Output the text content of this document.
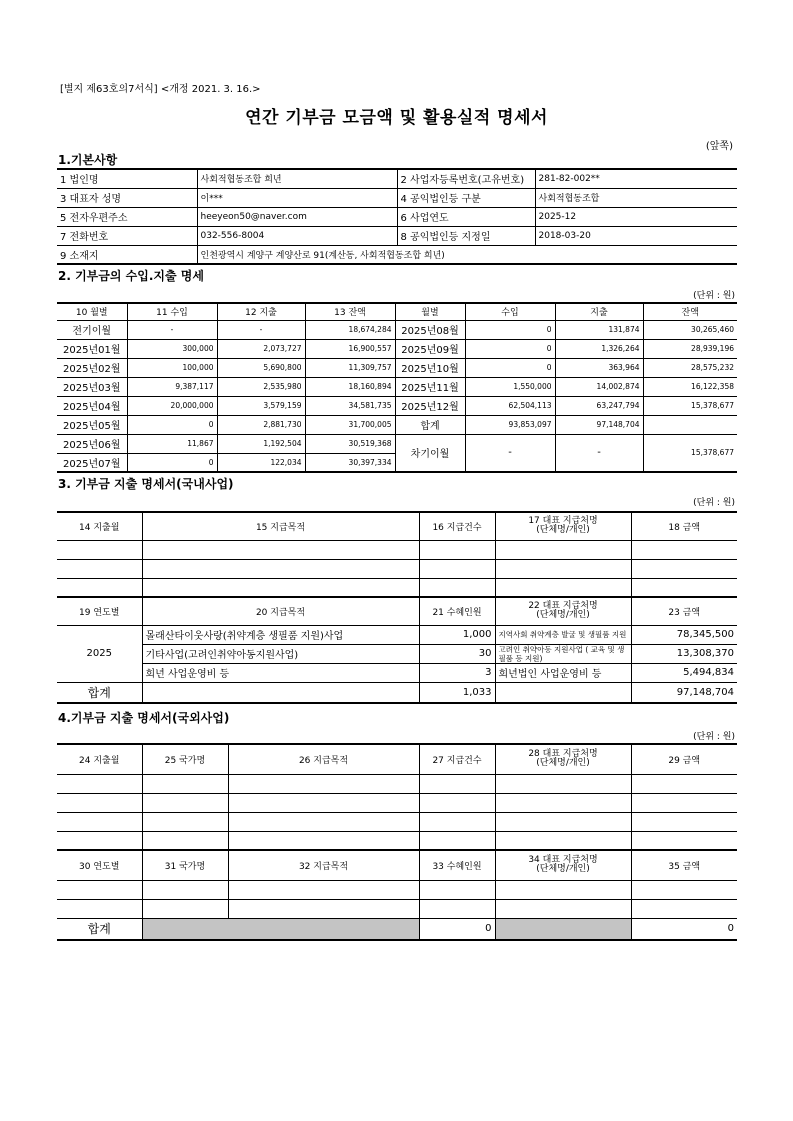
[별지 제63호의7서식] <개정 2021. 3. 16.>
연간 기부금 모금액 및 활용실적 명세서
(앞쪽)
1.기본사항
1 법인명	사회적협동조합 희년	2 사업자등록번호(고유번호)	281-82-002**
3 대표자 성명	이***	4 공익법인등 구분	사회적협동조합
5 전자우편주소	heeyeon50@naver.com	6 사업연도	2025-12
7 전화번호	032-556-8004	8 공익법인등 지정일	2018-03-20
9 소재지	인천광역시 계양구 계양산로 91(계산동, 사회적협동조합 희년)		
2. 기부금의 수입.지출 명세
(단위 : 원)
10 월별	11 수입	12 지출	13 잔액	월별	수입	지출	잔액
전기이월	-	-	18,674,284	2025년08월	0	131,874	30,265,460
2025년01월	300,000	2,073,727	16,900,557	2025년09월	0	1,326,264	28,939,196
2025년02월	100,000	5,690,800	11,309,757	2025년10월	0	363,964	28,575,232
2025년03월	9,387,117	2,535,980	18,160,894	2025년11월	1,550,000	14,002,874	16,122,358
2025년04월	20,000,000	3,579,159	34,581,735	2025년12월	62,504,113	63,247,794	15,378,677
2025년05월	0	2,881,730	31,700,005	합계	93,853,097	97,148,704	
2025년06월	11,867	1,192,504	30,519,368	차기이월	-	-	15,378,677
2025년07월	0	122,034	30,397,334				
3. 기부금 지출 명세서(국내사업)
(단위 : 원)
14 지출월	15 지급목적	16 지급건수	17 대표 지급처명
(단체명/개인)	18 금액

19 연도별	20 지급목적	21 수혜인원	22 대표 지급처명
(단체명/개인)	23 금액
2025	몰래산타이웃사랑(취약계층 생필품 지원)사업	1,000	지역사회 취약계층 발굴 및 생필품 지원	78,345,500
	기타사업(고려인취약아동지원사업)	30	고려인 취약아동 지원사업 ( 교육 및 생필품 등 지원)	13,308,370
	희년 사업운영비 등	3	희년법인 사업운영비 등	5,494,834
합계		1,033		97,148,704
4.기부금 지출 명세서(국외사업)
(단위 : 원)
24 지출월	25 국가명	26 지급목적	27 지급건수	28 대표 지급처명
(단체명/개인)	29 금액

30 연도별	31 국가명	32 지급목적	33 수혜인원	34 대표 지급처명
(단체명/개인)	35 금액

합계			0		0
